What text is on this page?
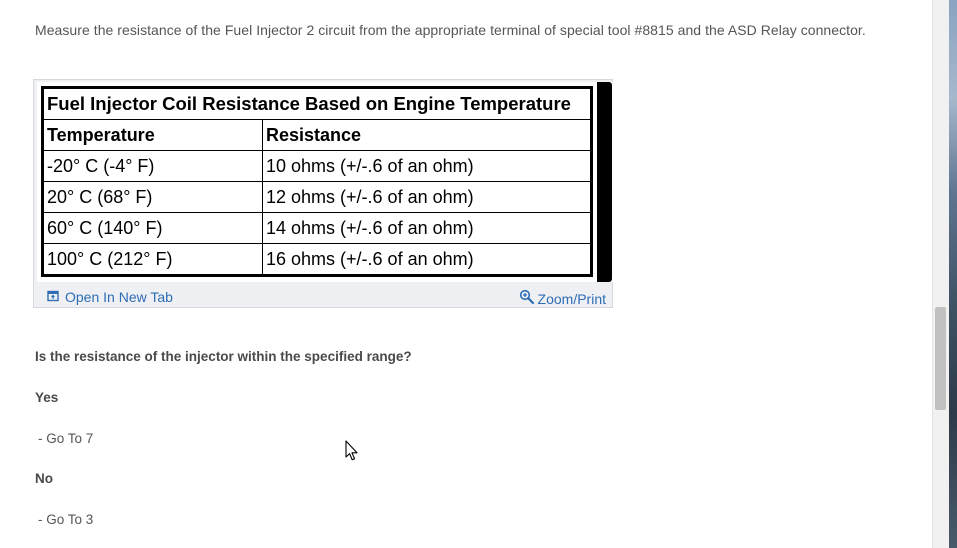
Measure the resistance of the Fuel Injector 2 circuit from the appropriate terminal of special tool #8815 and the ASD Relay connector.
Fuel Injector Coil Resistance Based on Engine Temperature	
Temperature	Resistance
-20° C (-4° F)	10 ohms (+/-.6 of an ohm)
20° C (68° F)	12 ohms (+/-.6 of an ohm)
60° C (140° F)	14 ohms (+/-.6 of an ohm)
100° C (212° F)	16 ohms (+/-.6 of an ohm)
Open In New Tab	Zoom/Print
Is the resistance of the injector within the specified range?
Yes
- Go To 7
No
- Go To 3
